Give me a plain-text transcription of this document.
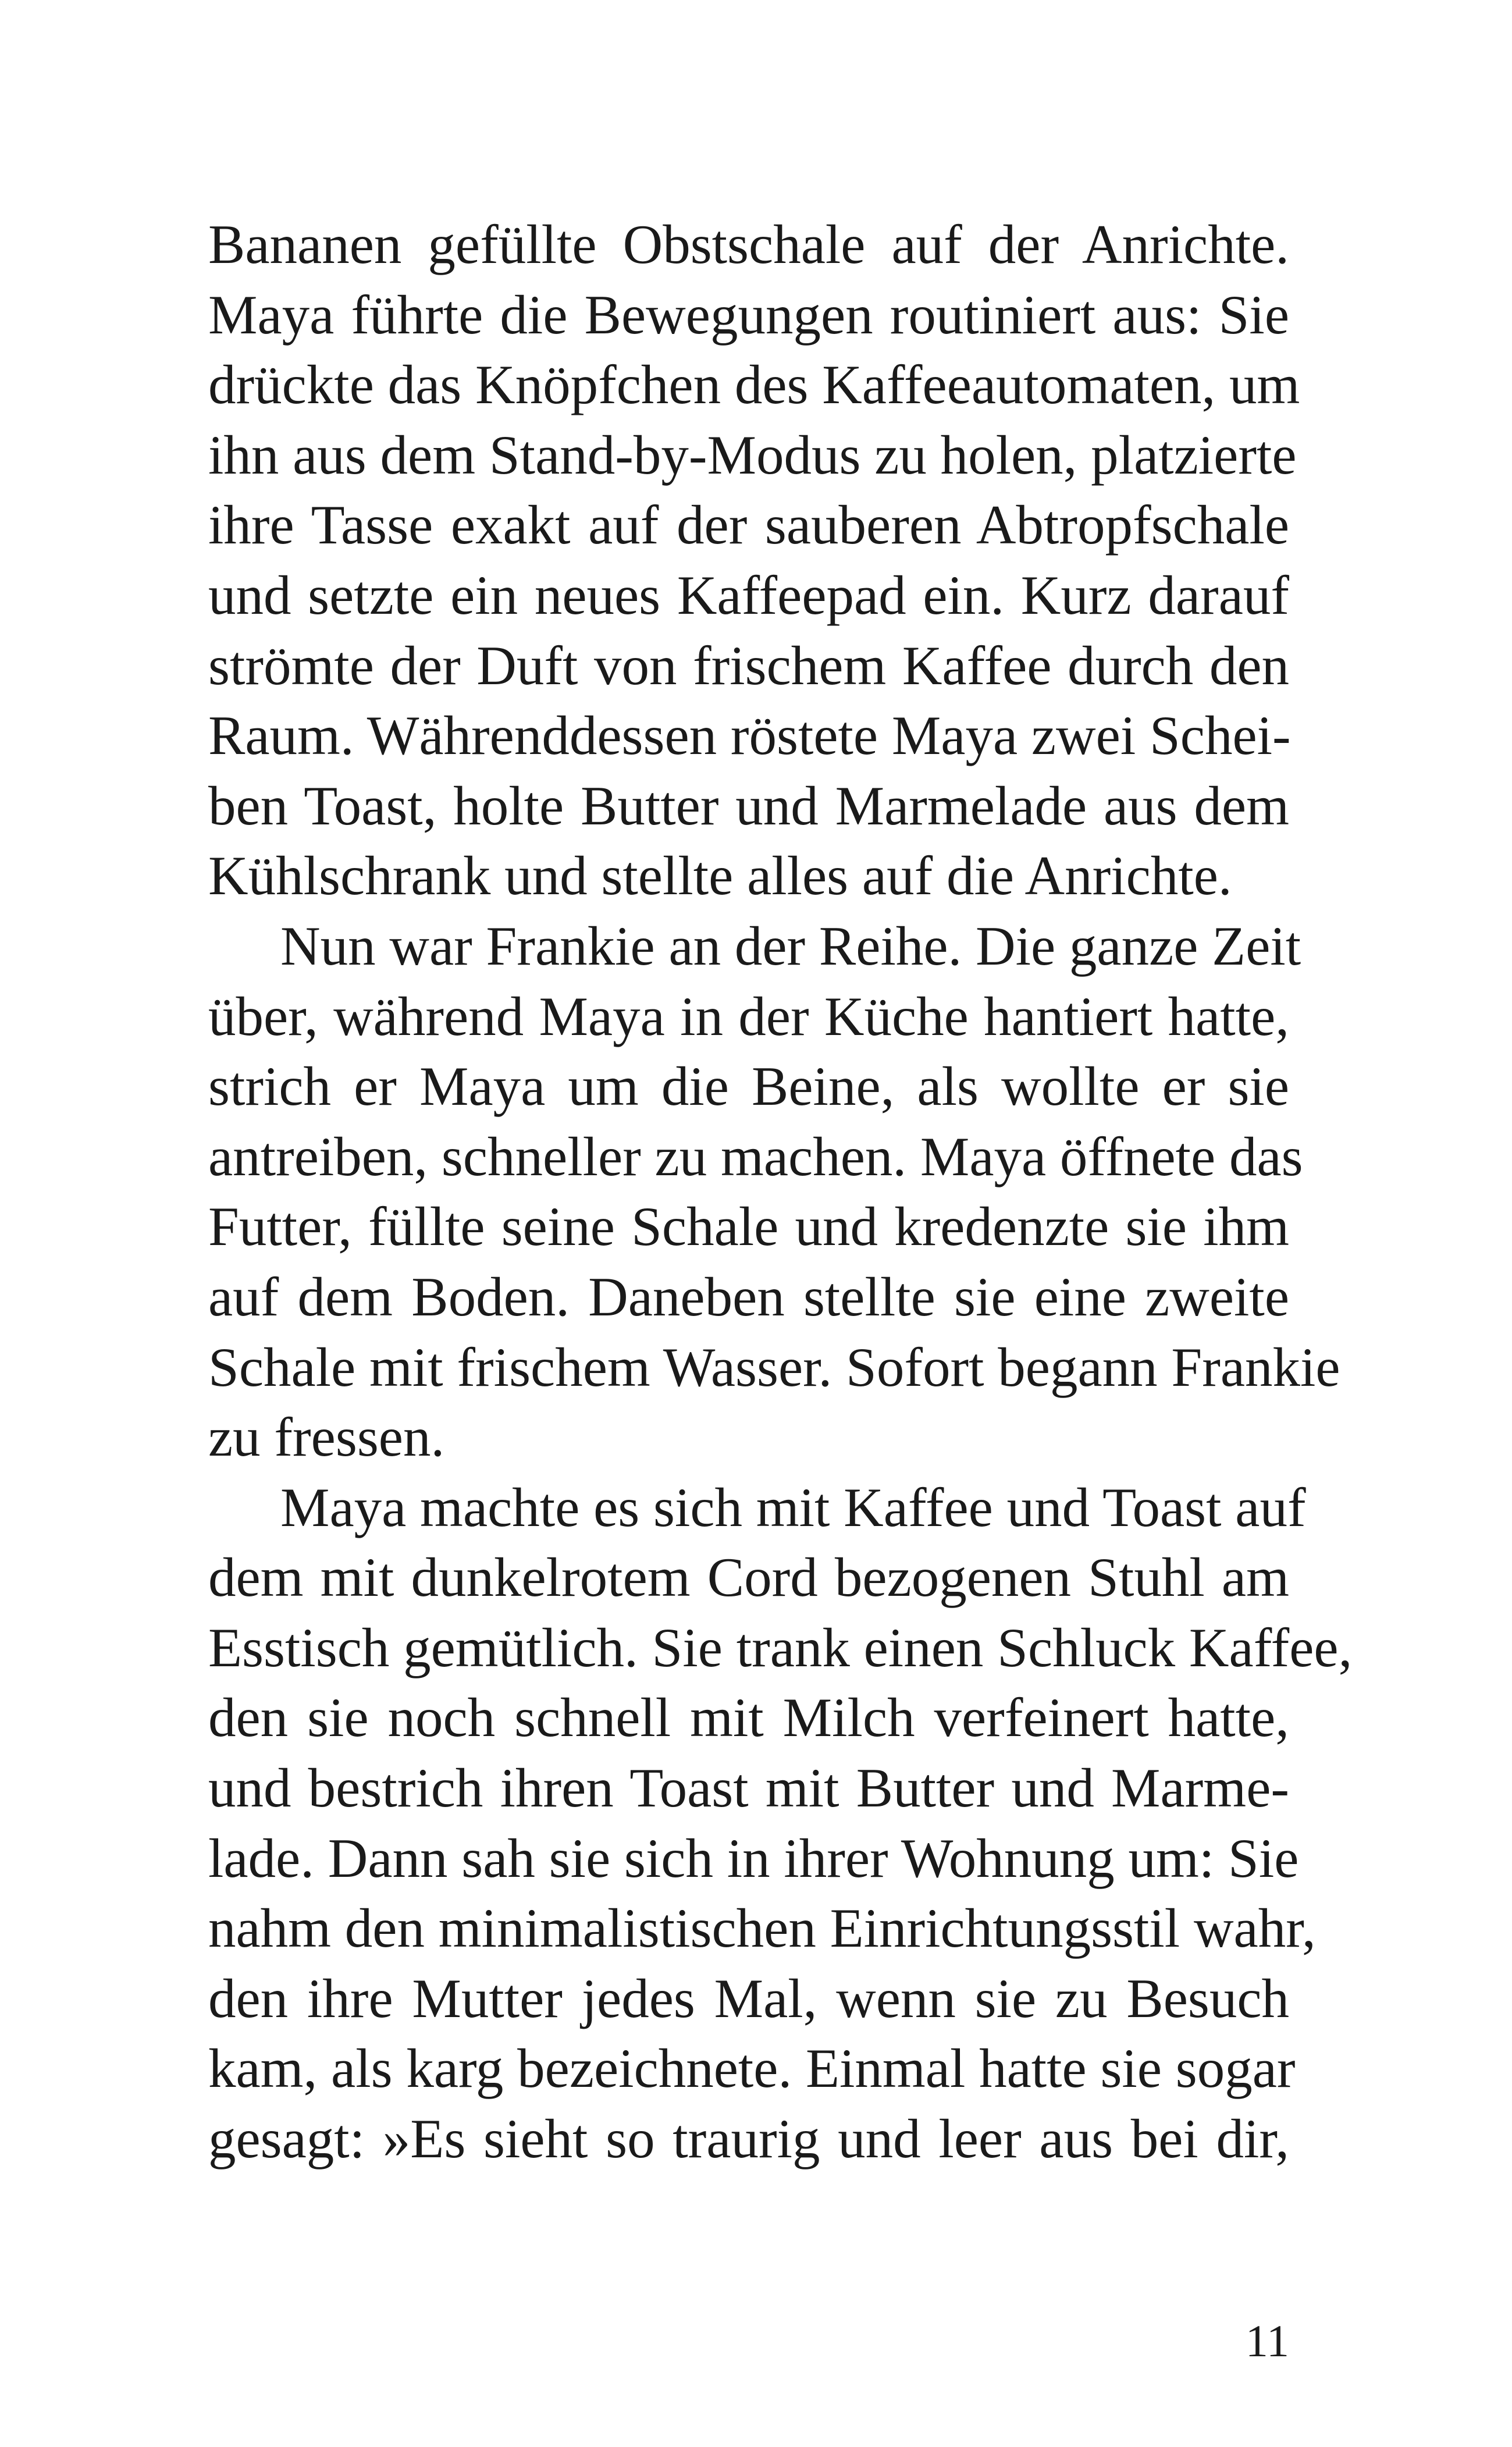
Bananen gefüllte Obstschale auf der Anrichte.
Maya führte die Bewegungen routiniert aus: Sie
drückte das Knöpfchen des Kaffeeautomaten, um
ihn aus dem Stand-by-Modus zu holen, platzierte
ihre Tasse exakt auf der sauberen Abtropfschale
und setzte ein neues Kaffeepad ein. Kurz darauf
strömte der Duft von frischem Kaffee durch den
Raum. Währenddessen röstete Maya zwei Schei-
ben Toast, holte Butter und Marmelade aus dem
Kühlschrank und stellte alles auf die Anrichte.
Nun war Frankie an der Reihe. Die ganze Zeit
über, während Maya in der Küche hantiert hatte,
strich er Maya um die Beine, als wollte er sie
antreiben, schneller zu machen. Maya öffnete das
Futter, füllte seine Schale und kredenzte sie ihm
auf dem Boden. Daneben stellte sie eine zweite
Schale mit frischem Wasser. Sofort begann Frankie
zu fressen.
Maya machte es sich mit Kaffee und Toast auf
dem mit dunkelrotem Cord bezogenen Stuhl am
Esstisch gemütlich. Sie trank einen Schluck Kaffee,
den sie noch schnell mit Milch verfeinert hatte,
und bestrich ihren Toast mit Butter und Marme-
lade. Dann sah sie sich in ihrer Wohnung um: Sie
nahm den minimalistischen Einrichtungsstil wahr,
den ihre Mutter jedes Mal, wenn sie zu Besuch
kam, als karg bezeichnete. Einmal hatte sie sogar
gesagt: »Es sieht so traurig und leer aus bei dir,
11
